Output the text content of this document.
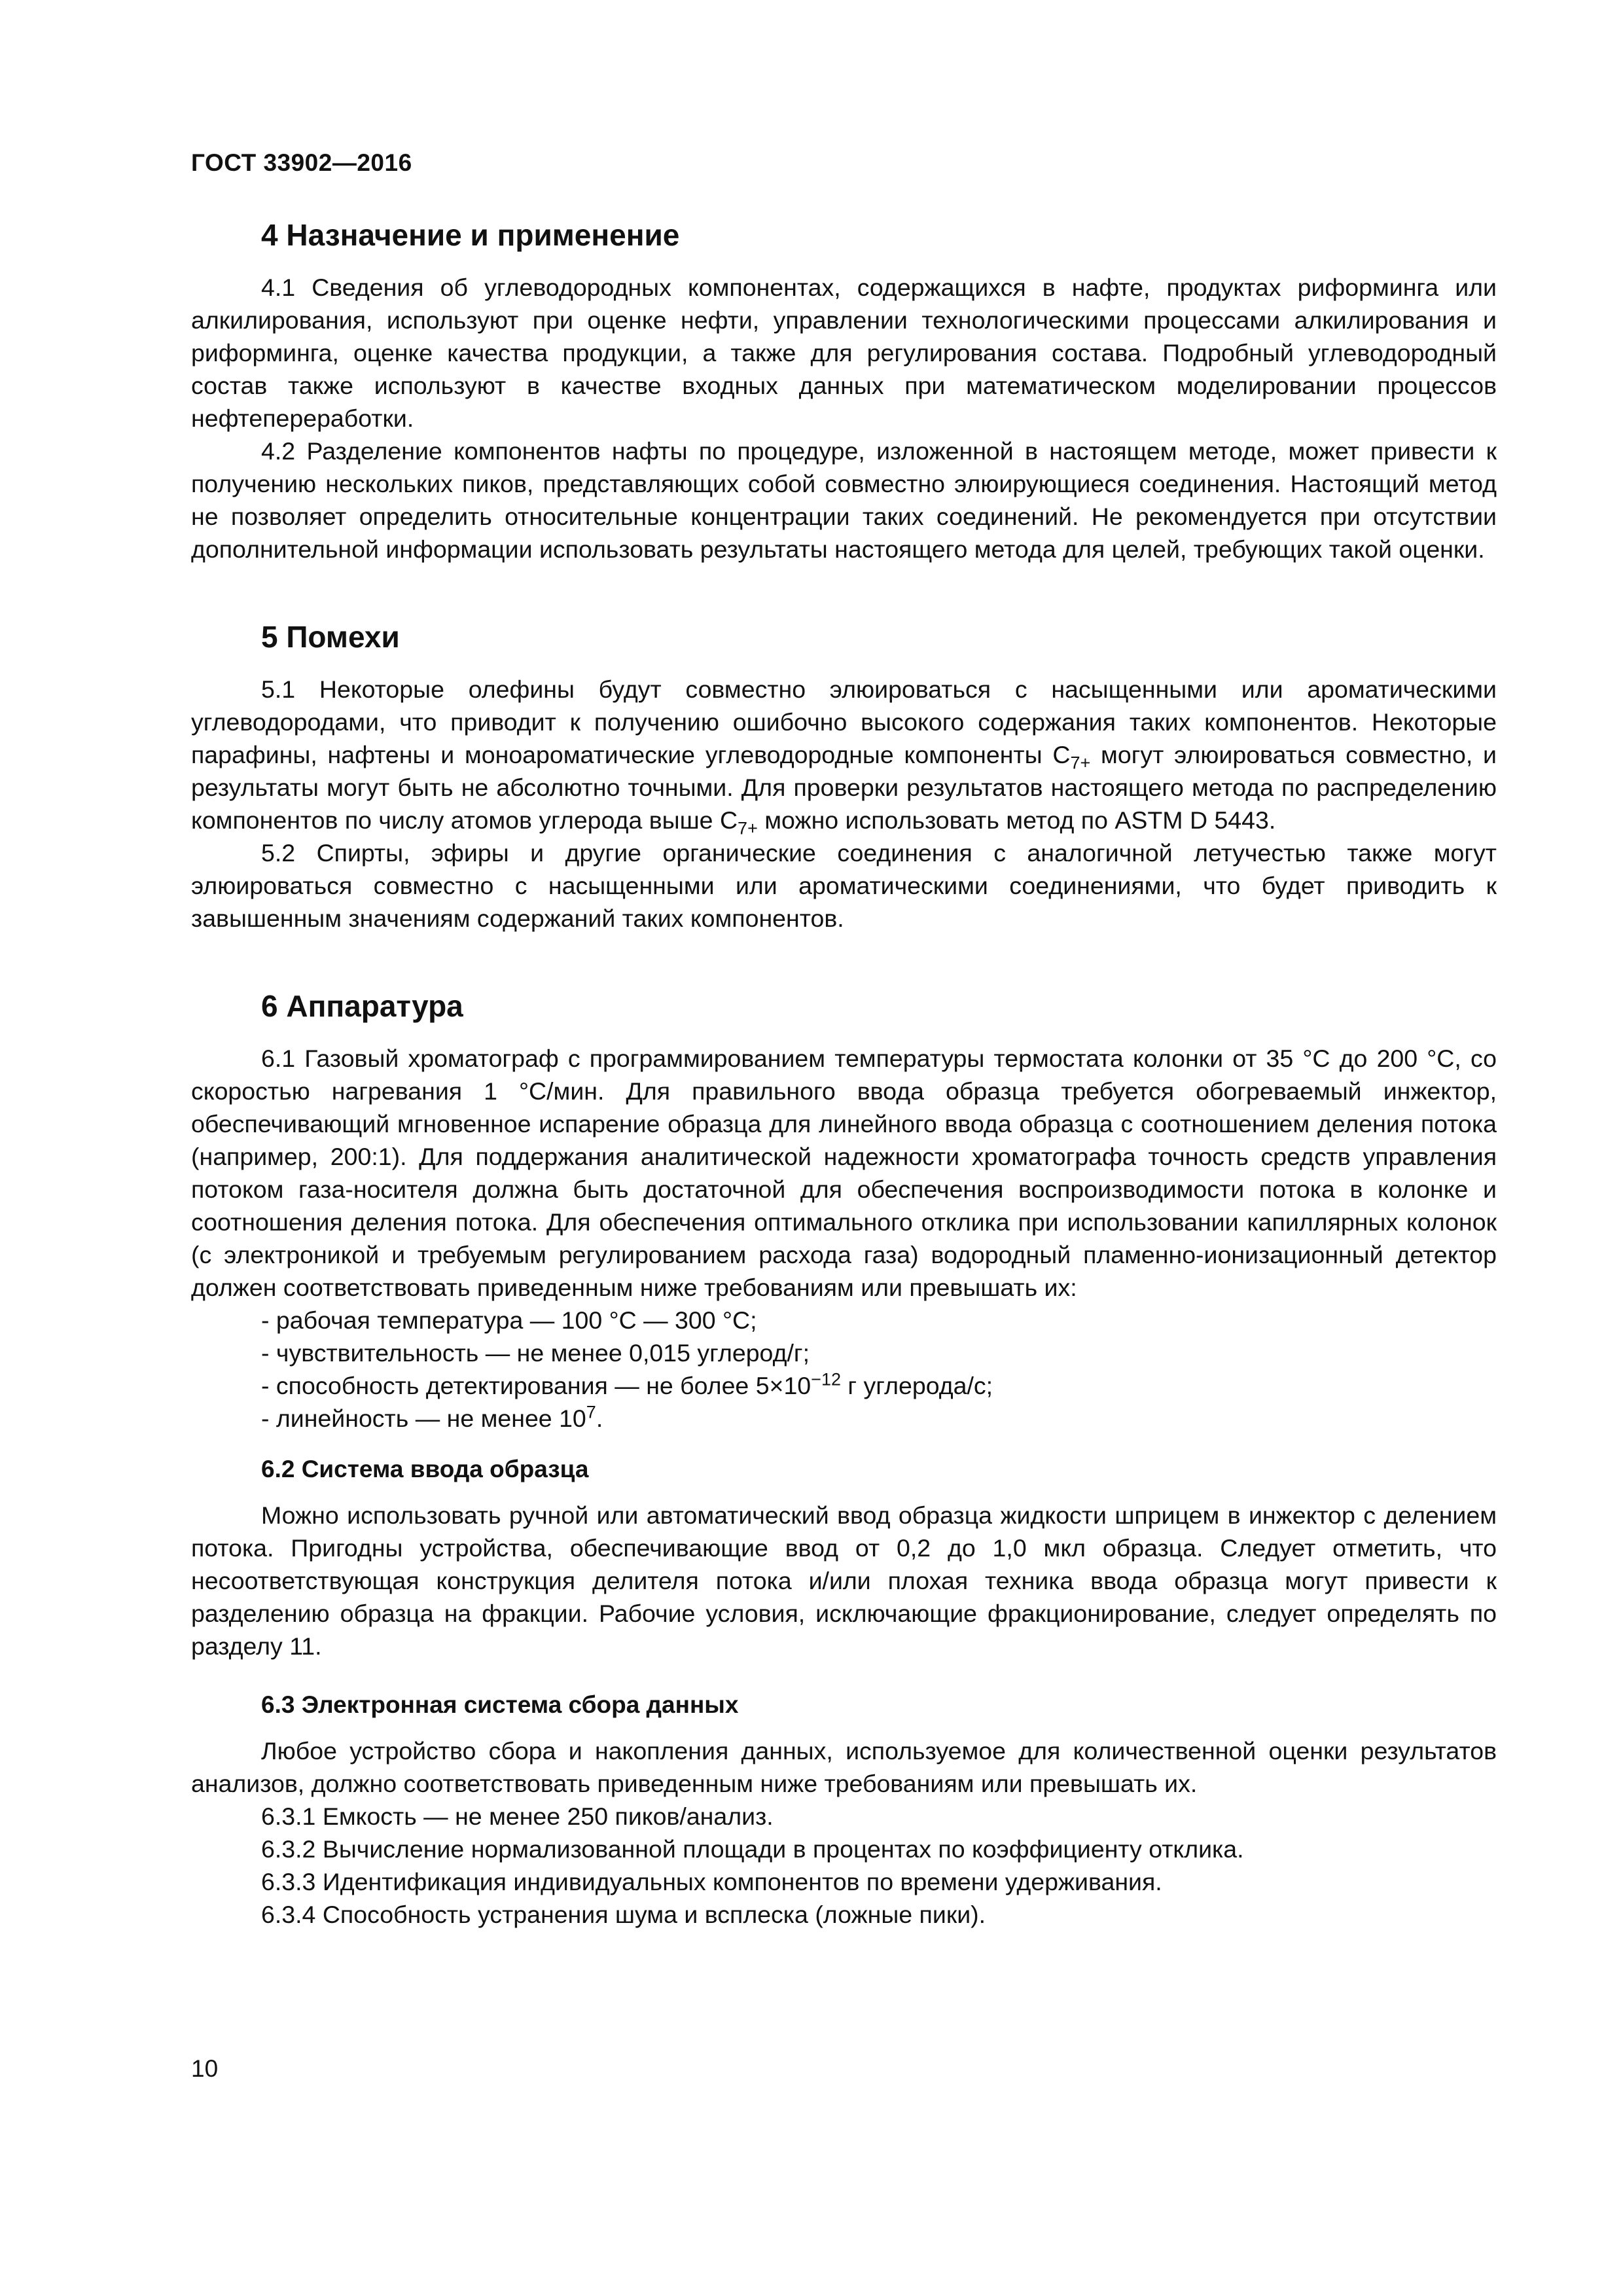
ГОСТ 33902—2016
4 Назначение и применение

4.1 Сведения об углеводородных компонентах, содержащихся в нафте, продуктах риформинга или алкилирования, используют при оценке нефти, управлении технологическими процессами алкилирования и риформинга, оценке качества продукции, а также для регулирования состава. Подробный углеводородный состав также используют в качестве входных данных при математическом моделировании процессов нефтепереработки.

4.2 Разделение компонентов нафты по процедуре, изложенной в настоящем методе, может привести к получению нескольких пиков, представляющих собой совместно элюирующиеся соединения. Настоящий метод не позволяет определить относительные концентрации таких соединений. Не рекомендуется при отсутствии дополнительной информации использовать результаты настоящего метода для целей, требующих такой оценки.

5 Помехи

5.1 Некоторые олефины будут совместно элюироваться с насыщенными или ароматическими углеводородами, что приводит к получению ошибочно высокого содержания таких компонентов. Некоторые парафины, нафтены и моноароматические углеводородные компоненты $C_{7+}$ могут элюироваться совместно, и результаты могут быть не абсолютно точными. Для проверки результатов настоящего метода по распределению компонентов по числу атомов углерода выше $C_{7+}$ можно использовать метод по ASTM D 5443.

5.2 Спирты, эфиры и другие органические соединения с аналогичной летучестью также могут элюироваться совместно с насыщенными или ароматическими соединениями, что будет приводить к завышенным значениям содержаний таких компонентов.

6 Аппаратура

6.1 Газовый хроматограф с программированием температуры термостата колонки от 35 °C до 200 °C, со скоростью нагревания 1 °C/мин. Для правильного ввода образца требуется обогреваемый инжектор, обеспечивающий мгновенное испарение образца для линейного ввода образца с соотношением деления потока (например, 200:1). Для поддержания аналитической надежности хроматографа точность средств управления потоком газа-носителя должна быть достаточной для обеспечения воспроизводимости потока в колонке и соотношения деления потока. Для обеспечения оптимального отклика при использовании капиллярных колонок (с электроникой и требуемым регулированием расхода газа) водородный пламенно-ионизационный детектор должен соответствовать приведенным ниже требованиям или превышать их:

- рабочая температура — 100 °C — 300 °C;

- чувствительность — не менее 0,015 углерод/г;

- способность детектирования — не более $5\times 10^{-12}$ г углерода/с;

- линейность — не менее $10^7$.

6.2 Система ввода образца

Можно использовать ручной или автоматический ввод образца жидкости шприцем в инжектор с делением потока. Пригодны устройства, обеспечивающие ввод от 0,2 до 1,0 мкл образца. Следует отметить, что несоответствующая конструкция делителя потока и/или плохая техника ввода образца могут привести к разделению образца на фракции. Рабочие условия, исключающие фракционирование, следует определять по разделу 11.

6.3 Электронная система сбора данных

Любое устройство сбора и накопления данных, используемое для количественной оценки результатов анализов, должно соответствовать приведенным ниже требованиям или превышать их.

6.3.1 Емкость — не менее 250 пиков/анализ.

6.3.2 Вычисление нормализованной площади в процентах по коэффициенту отклика.

6.3.3 Идентификация индивидуальных компонентов по времени удерживания.

6.3.4 Способность устранения шума и всплеска (ложные пики).

10
